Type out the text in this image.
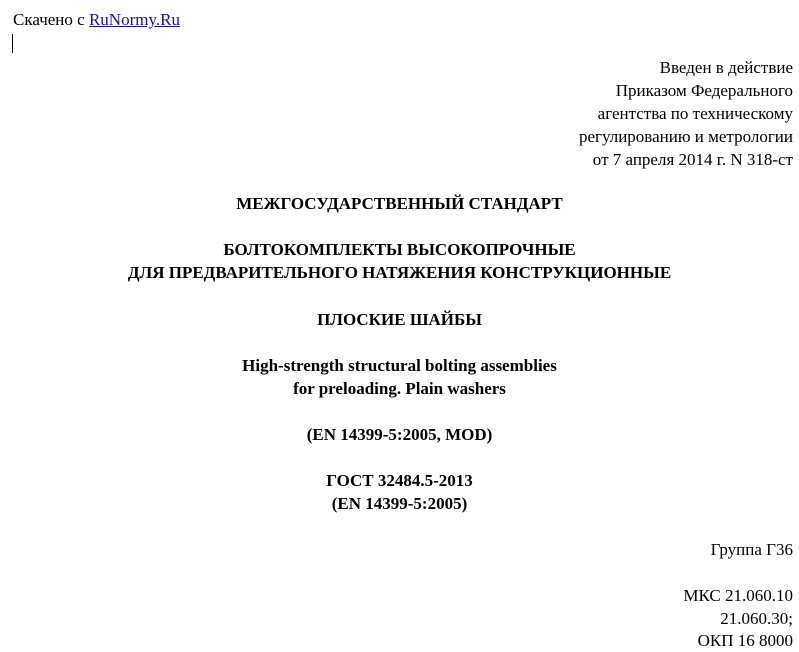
Скачено с RuNormy.Ru
Введен в действие
Приказом Федерального
агентства по техническому
регулированию и метрологии
от 7 апреля 2014 г. N 318-ст
МЕЖГОСУДАРСТВЕННЫЙ СТАНДАРТ
БОЛТОКОМПЛЕКТЫ ВЫСОКОПРОЧНЫЕ
ДЛЯ ПРЕДВАРИТЕЛЬНОГО НАТЯЖЕНИЯ КОНСТРУКЦИОННЫЕ
ПЛОСКИЕ ШАЙБЫ
High-strength structural bolting assemblies
for preloading. Plain washers
(EN 14399-5:2005, MOD)
ГОСТ 32484.5-2013
(EN 14399-5:2005)
Группа Г36
МКС 21.060.10
21.060.30;
ОКП 16 8000
